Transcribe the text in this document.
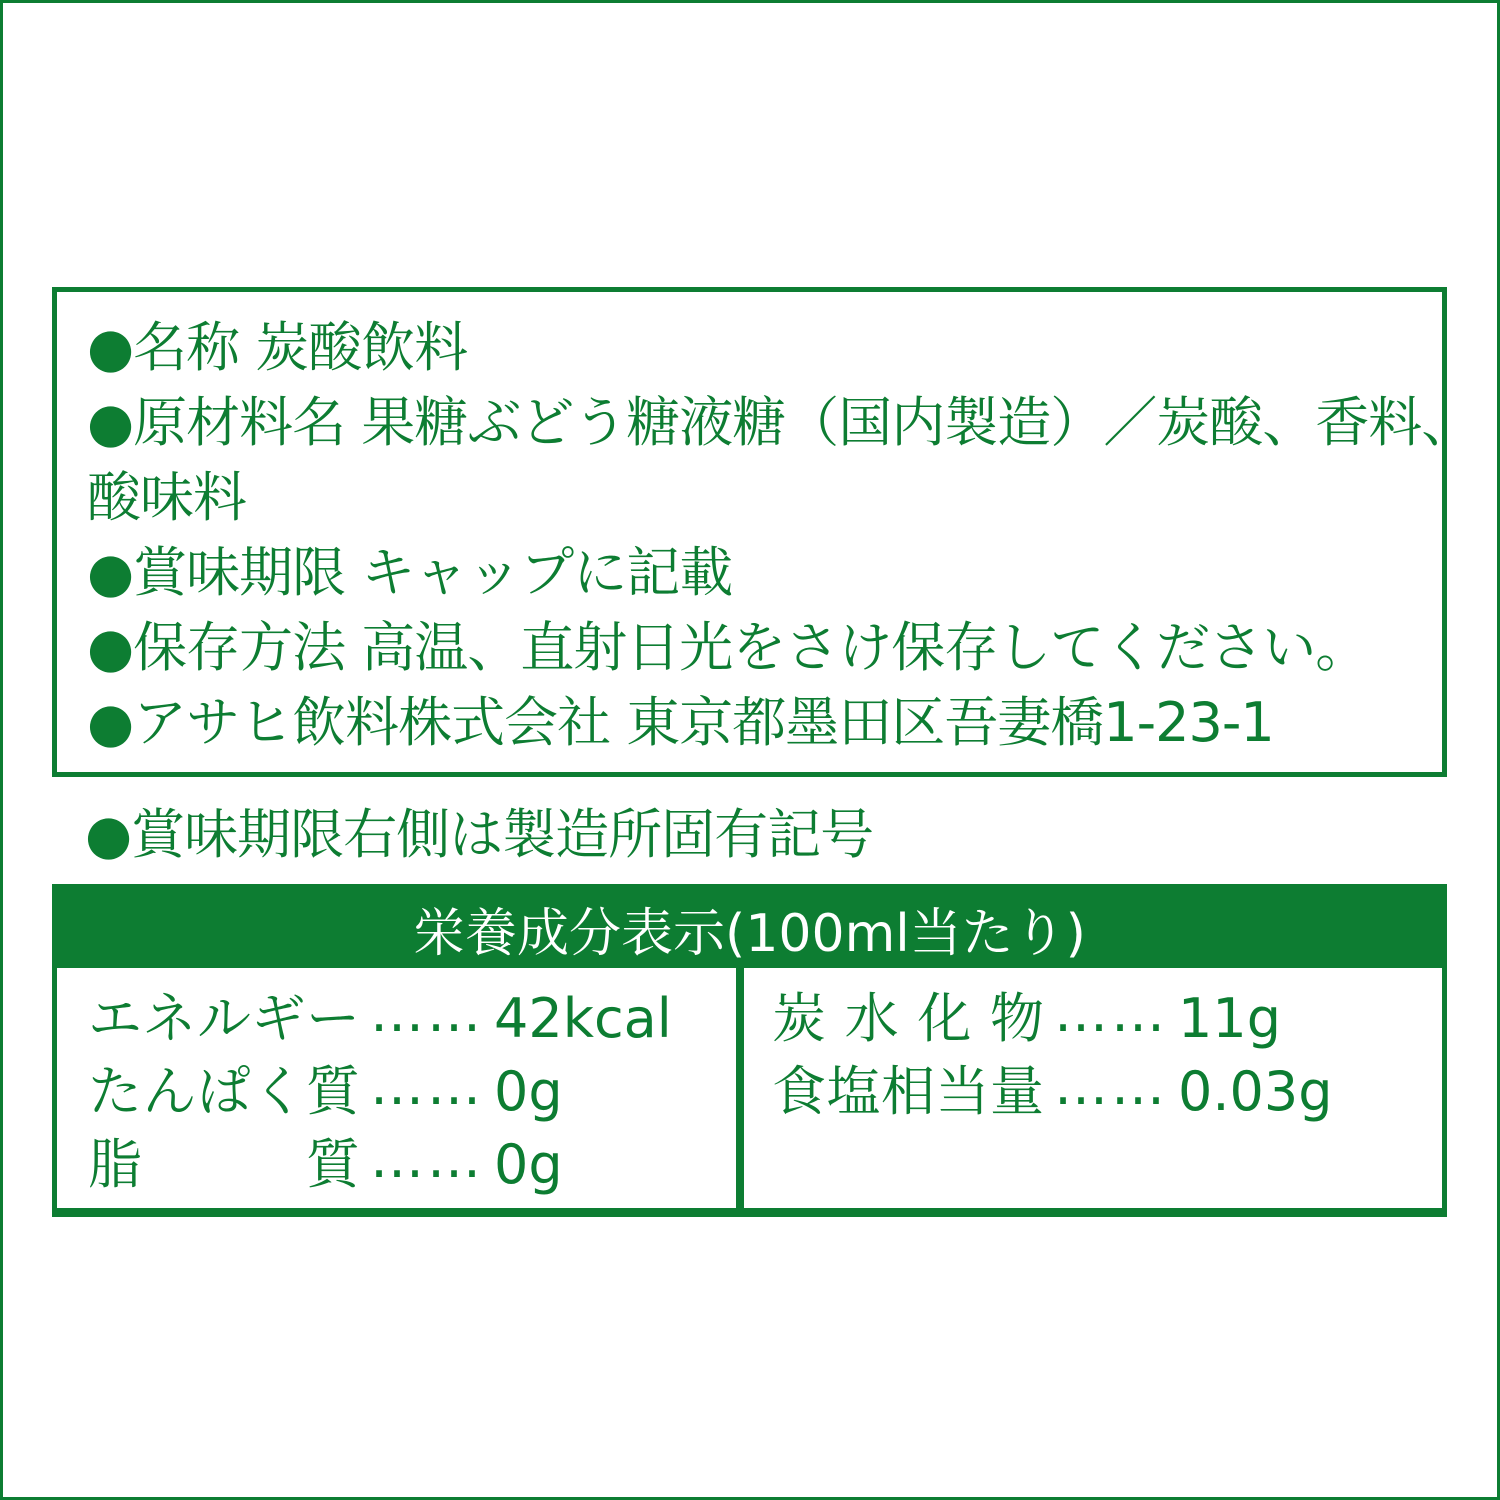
●名称 炭酸飲料
●原材料名 果糖ぶどう糖液糖（国内製造）／炭酸、香料、
酸味料
●賞味期限 キャップに記載
●保存方法 高温、直射日光をさけ保存してください。
●アサヒ飲料株式会社 東京都墨田区吾妻橋1-23-1
●賞味期限右側は製造所固有記号
栄養成分表示(100ml当たり)
エネルギー …… 42kcal
たんぱく質 …… 0g
脂質 …… 0g
炭水化物 …… 11g
食塩相当量 …… 0.03g
